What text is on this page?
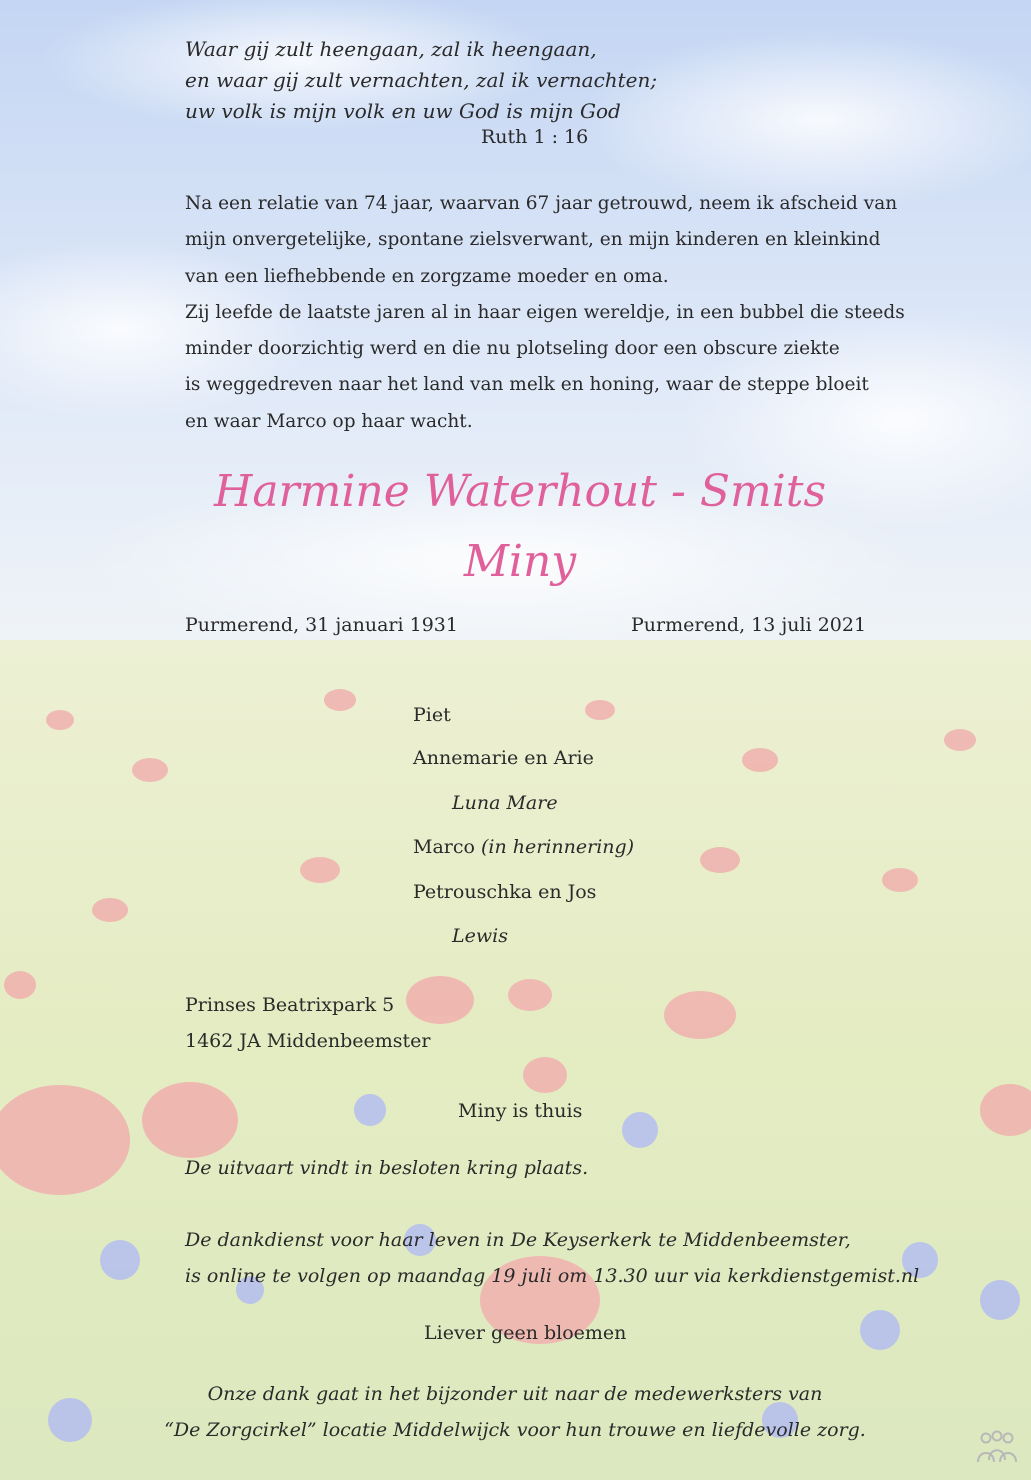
Waar gij zult heengaan, zal ik heengaan,
en waar gij zult vernachten, zal ik vernachten;
uw volk is mijn volk en uw God is mijn God
Ruth 1 : 16
Na een relatie van 74 jaar, waarvan 67 jaar getrouwd, neem ik afscheid van
mijn onvergetelijke, spontane zielsverwant, en mijn kinderen en kleinkind
van een liefhebbende en zorgzame moeder en oma.
Zij leefde de laatste jaren al in haar eigen wereldje, in een bubbel die steeds
minder doorzichtig werd en die nu plotseling door een obscure ziekte
is weggedreven naar het land van melk en honing, waar de steppe bloeit
en waar Marco op haar wacht.
Harmine Waterhout - Smits
Miny
Purmerend, 31 januari 1931	Purmerend, 13 juli 2021
Piet
Annemarie en Arie
Luna Mare
Marco (in herinnering)
Petrouschka en Jos
Lewis
Prinses Beatrixpark 5
1462 JA Middenbeemster
Miny is thuis
De uitvaart vindt in besloten kring plaats.
De dankdienst voor haar leven in De Keyserkerk te Middenbeemster,
is online te volgen op maandag 19 juli om 13.30 uur via kerkdienstgemist.nl
Liever geen bloemen
Onze dank gaat in het bijzonder uit naar de medewerksters van
“De Zorgcirkel” locatie Middelwijck voor hun trouwe en liefdevolle zorg.
